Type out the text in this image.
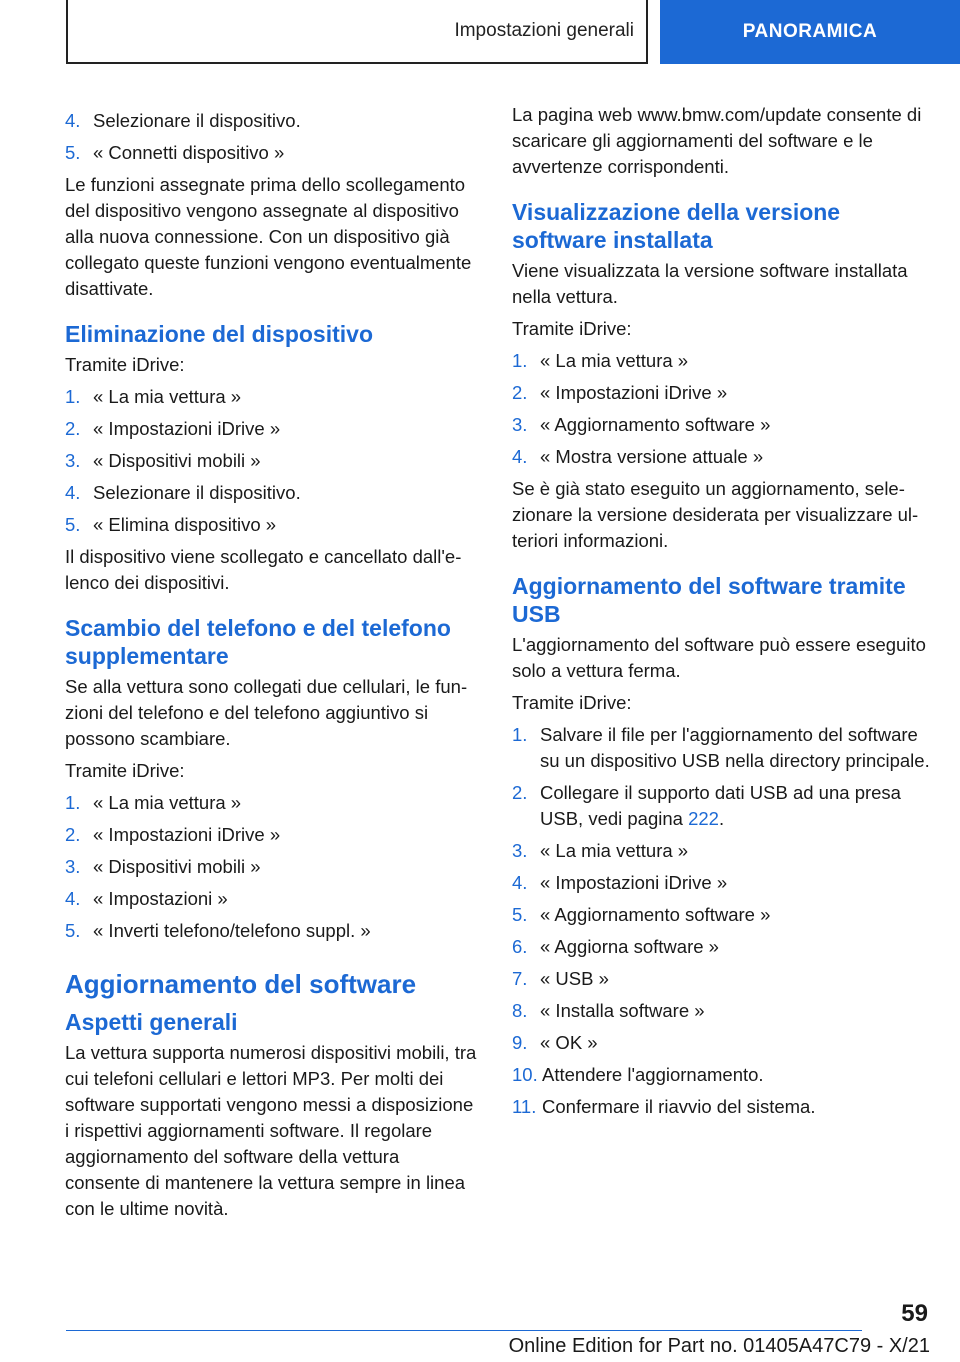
Impostazioni generali	PANORAMICA
4. Selezionare il dispositivo.
5. « Connetti dispositivo »

Le funzioni assegnate prima dello scollegamento del dispositivo vengono assegnate al dispositivo alla nuova connessione. Con un dispositivo già collegato queste funzioni vengono eventualmente disattivate.

Eliminazione del dispositivo

Tramite iDrive:

1. « La mia vettura »
2. « Impostazioni iDrive »
3. « Dispositivi mobili »
4. Selezionare il dispositivo.
5. « Elimina dispositivo »

Il dispositivo viene scollegato e cancellato dall'elenco dei dispositivi.

Scambio del telefono e del telefono supplementare

Se alla vettura sono collegati due cellulari, le funzioni del telefono e del telefono aggiuntivo si possono scambiare.

Tramite iDrive:

1. « La mia vettura »
2. « Impostazioni iDrive »
3. « Dispositivi mobili »
4. « Impostazioni »
5. « Inverti telefono/telefono suppl. »
Aggiornamento del software
Aspetti generali

La vettura supporta numerosi dispositivi mobili, tra cui telefoni cellulari e lettori MP3. Per molti dei software supportati vengono messi a disposizione i rispettivi aggiornamenti software. Il regolare aggiornamento del software della vettura consente di mantenere la vettura sempre in linea con le ultime novità.

La pagina web www.bmw.com/update consente di scaricare gli aggiornamenti del software e le avvertenze corrispondenti.

Visualizzazione della versione software installata

Viene visualizzata la versione software installata nella vettura.

Tramite iDrive:

1. « La mia vettura »
2. « Impostazioni iDrive »
3. « Aggiornamento software »
4. « Mostra versione attuale »

Se è già stato eseguito un aggiornamento, selezionare la versione desiderata per visualizzare ulteriori informazioni.

Aggiornamento del software tramite USB

L'aggiornamento del software può essere eseguito solo a vettura ferma.

Tramite iDrive:

1. Salvare il file per l'aggiornamento del software su un dispositivo USB nella directory principale.
2. Collegare il supporto dati USB ad una presa USB, vedi pagina 222.
3. « La mia vettura »
4. « Impostazioni iDrive »
5. « Aggiornamento software »
6. « Aggiorna software »
7. « USB »
8. « Installa software »
9. « OK »
10. Attendere l'aggiornamento.
11. Confermare il riavvio del sistema.
59
Online Edition for Part no. 01405A47C79 - X/21
